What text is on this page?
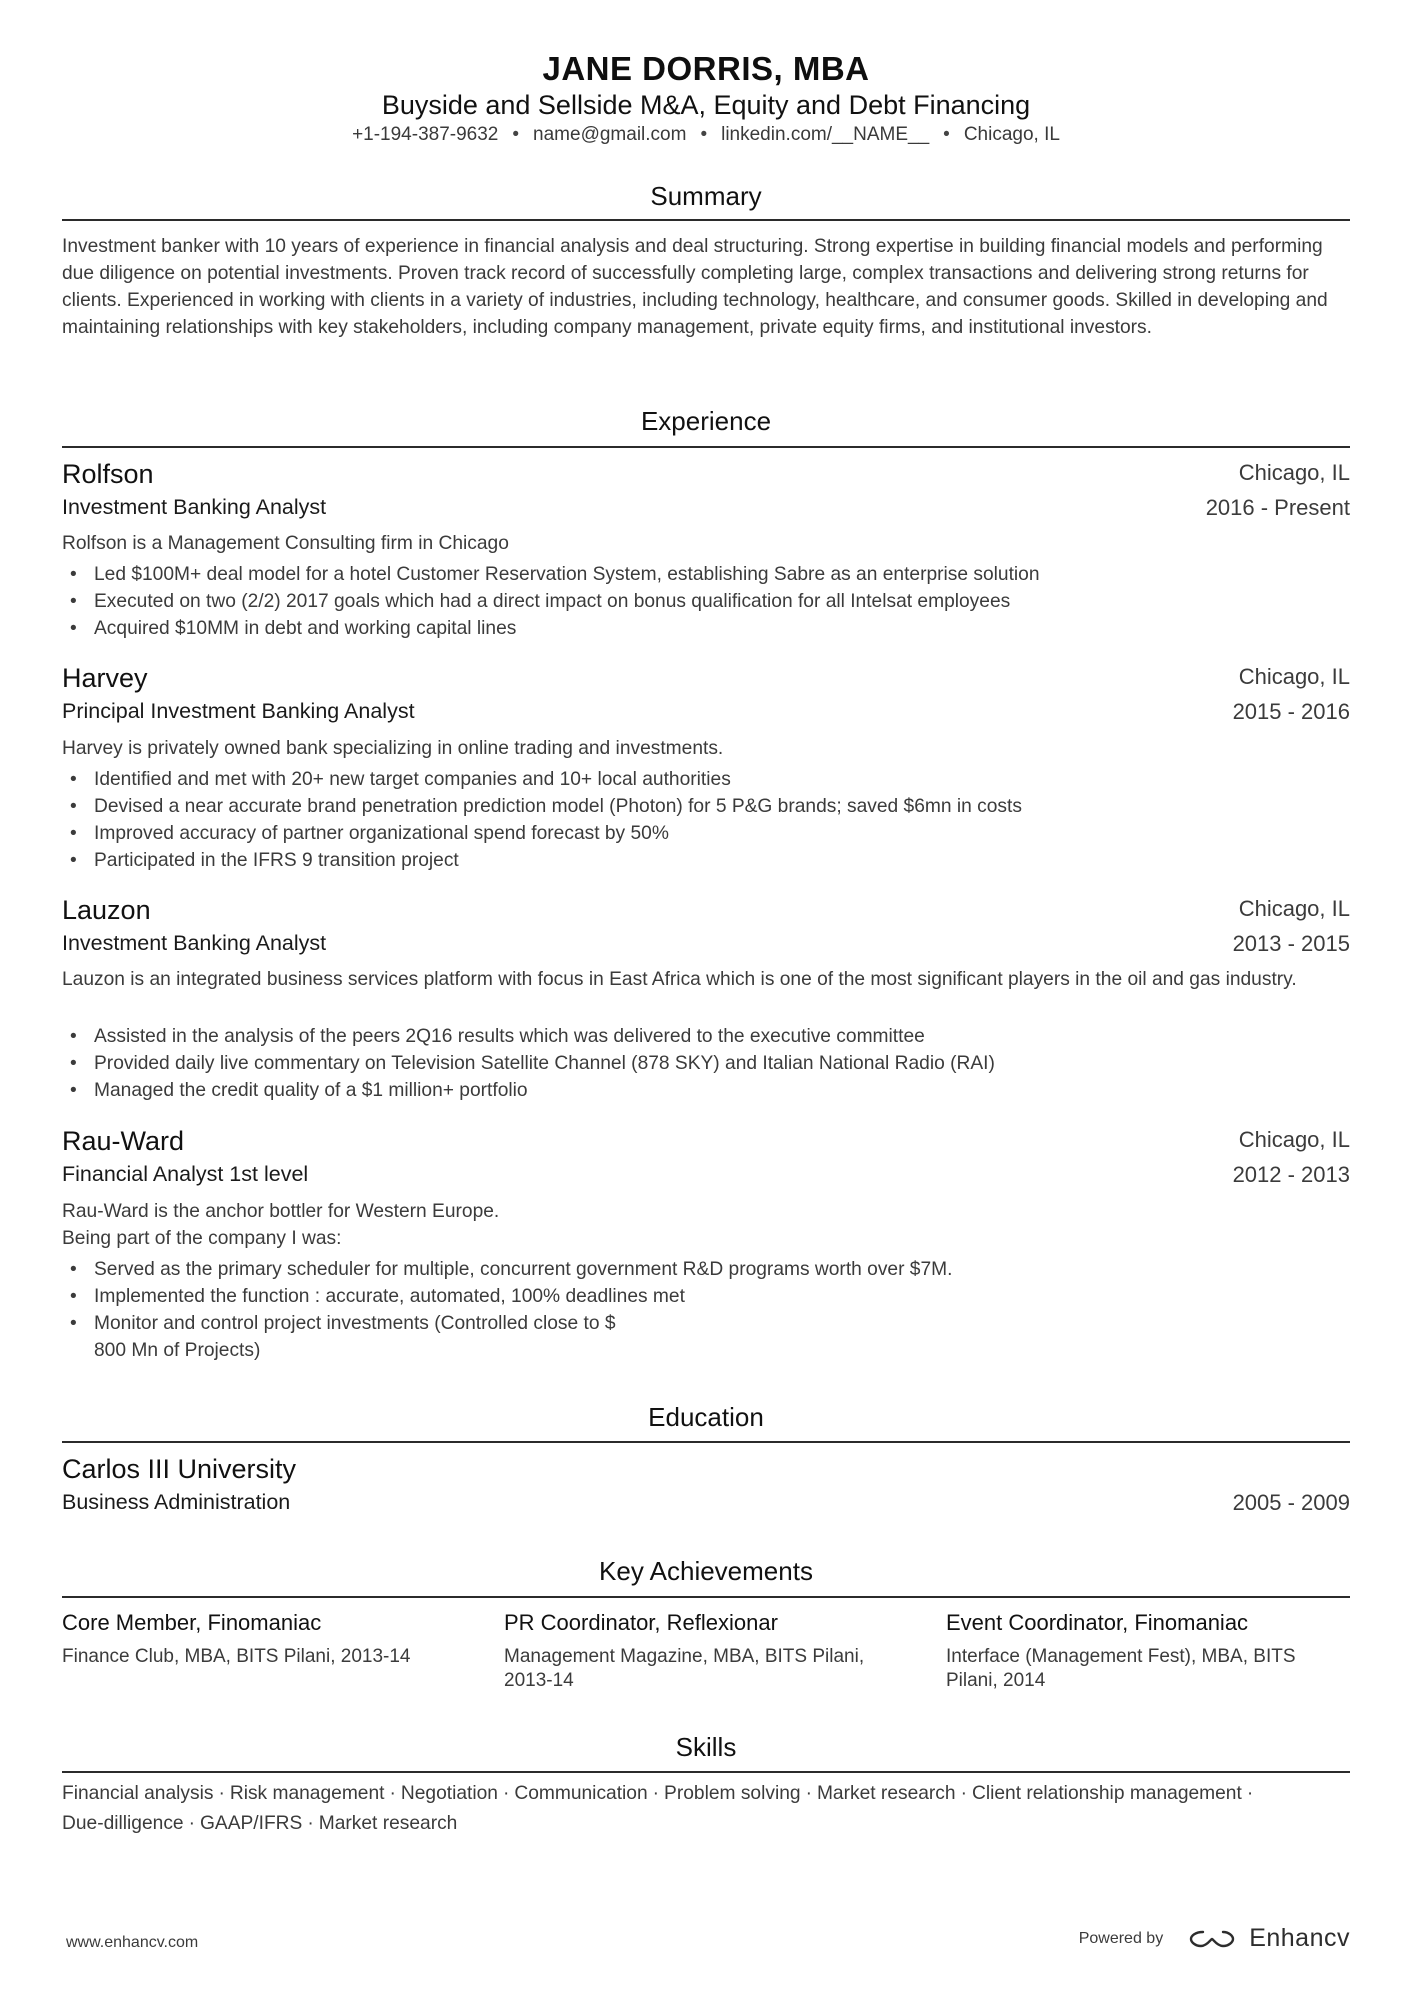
JANE DORRIS, MBA
Buyside and Sellside M&A, Equity and Debt Financing
+1-194-387-9632 • name@gmail.com • linkedin.com/__NAME__ • Chicago, IL
Summary
Investment banker with 10 years of experience in financial analysis and deal structuring. Strong expertise in building financial models and performing due diligence on potential investments. Proven track record of successfully completing large, complex transactions and delivering strong returns for clients. Experienced in working with clients in a variety of industries, including technology, healthcare, and consumer goods. Skilled in developing and maintaining relationships with key stakeholders, including company management, private equity firms, and institutional investors.
Experience
Rolfson	Chicago, IL
Investment Banking Analyst	2016 - Present
Rolfson is a Management Consulting firm in Chicago
• Led $100M+ deal model for a hotel Customer Reservation System, establishing Sabre as an enterprise solution
• Executed on two (2/2) 2017 goals which had a direct impact on bonus qualification for all Intelsat employees
• Acquired $10MM in debt and working capital lines
Harvey	Chicago, IL
Principal Investment Banking Analyst	2015 - 2016
Harvey is privately owned bank specializing in online trading and investments.
• Identified and met with 20+ new target companies and 10+ local authorities
• Devised a near accurate brand penetration prediction model (Photon) for 5 P&G brands; saved $6mn in costs
• Improved accuracy of partner organizational spend forecast by 50%
• Participated in the IFRS 9 transition project
Lauzon	Chicago, IL
Investment Banking Analyst	2013 - 2015
Lauzon is an integrated business services platform with focus in East Africa which is one of the most significant players in the oil and gas industry.
• Assisted in the analysis of the peers 2Q16 results which was delivered to the executive committee
• Provided daily live commentary on Television Satellite Channel (878 SKY) and Italian National Radio (RAI)
• Managed the credit quality of a $1 million+ portfolio
Rau-Ward	Chicago, IL
Financial Analyst 1st level	2012 - 2013
Rau-Ward is the anchor bottler for Western Europe.
Being part of the company I was:
• Served as the primary scheduler for multiple, concurrent government R&D programs worth over $7M.
• Implemented the function : accurate, automated, 100% deadlines met
• Monitor and control project investments (Controlled close to $
800 Mn of Projects)
Education
Carlos III University
Business Administration	2005 - 2009
Key Achievements
Core Member, Finomaniac
Finance Club, MBA, BITS Pilani, 2013-14
PR Coordinator, Reflexionar
Management Magazine, MBA, BITS Pilani, 2013-14
Event Coordinator, Finomaniac
Interface (Management Fest), MBA, BITS Pilani, 2014
Skills
Financial analysis · Risk management · Negotiation · Communication · Problem solving · Market research · Client relationship management ·
Due-dilligence · GAAP/IFRS · Market research
www.enhancv.com	Powered by	Enhancv
